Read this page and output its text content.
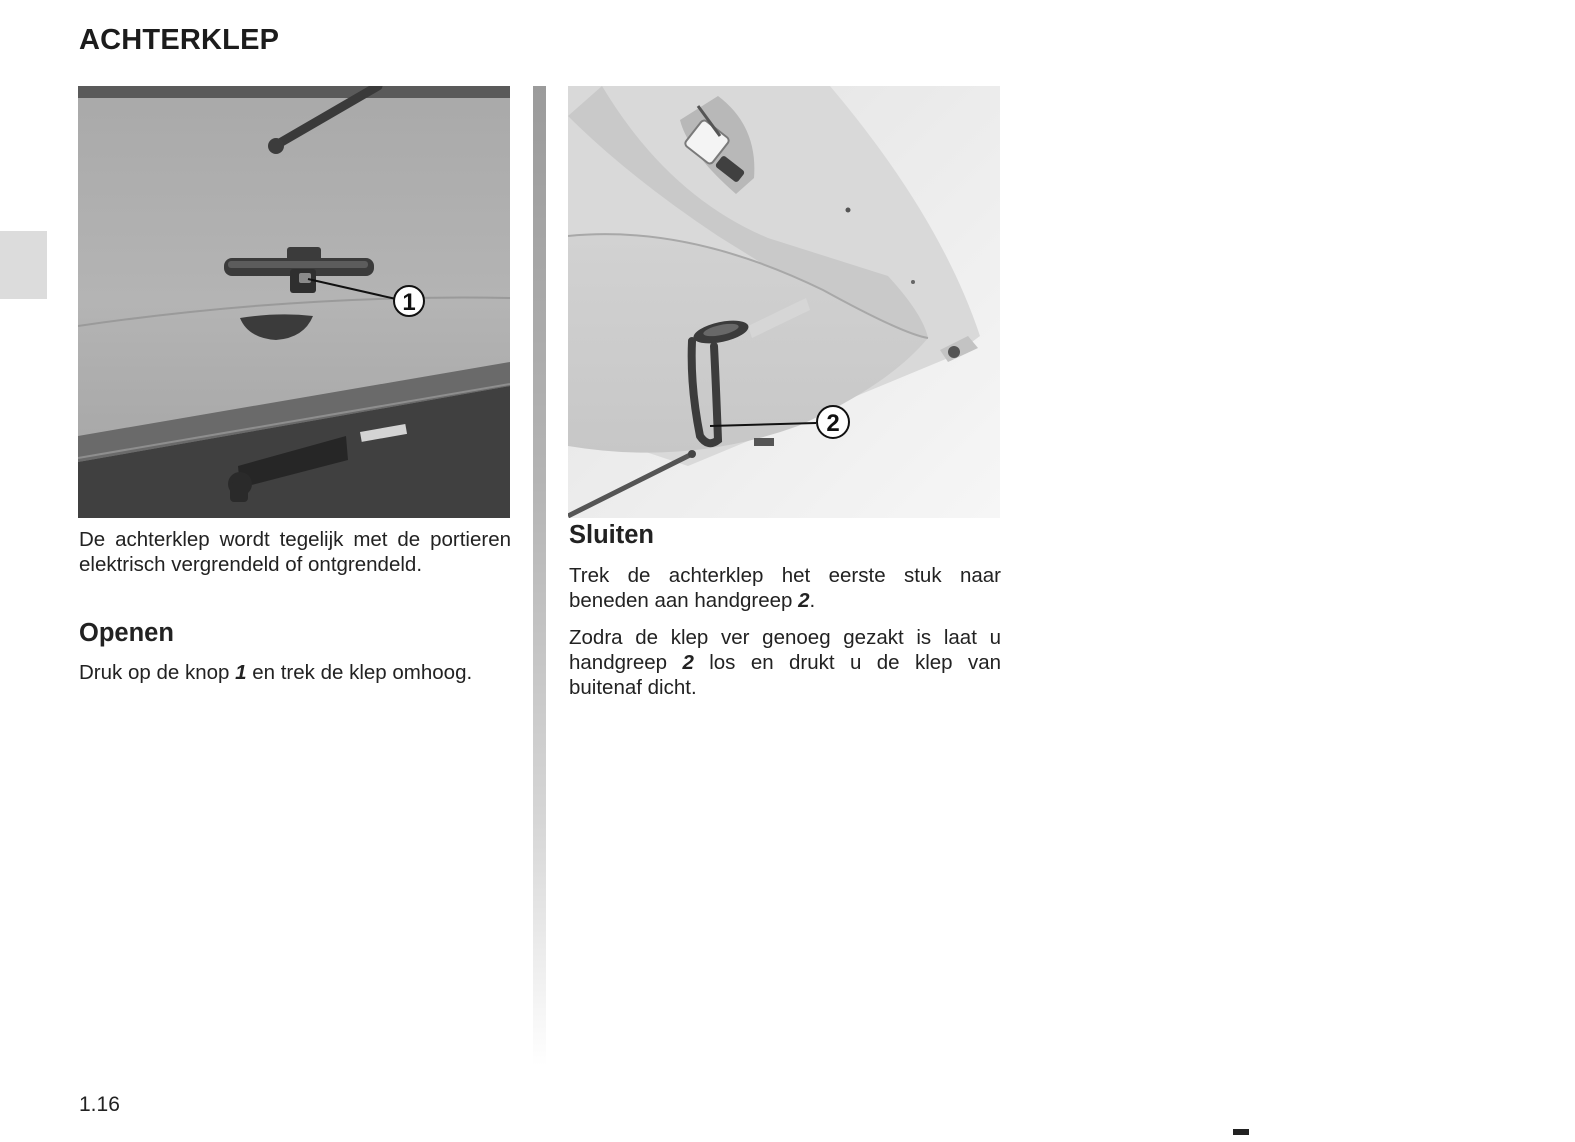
ACHTERKLEP
1
2

De achterklep wordt tegelijk met de portieren elektrisch vergrendeld of ontgrendeld.

Openen

Druk op de knop 1 en trek de klep omhoog.

Sluiten

Trek de achterklep het eerste stuk naar beneden aan handgreep 2.

Zodra de klep ver genoeg gezakt is laat u handgreep 2 los en drukt u de klep van buitenaf dicht.

1.16
